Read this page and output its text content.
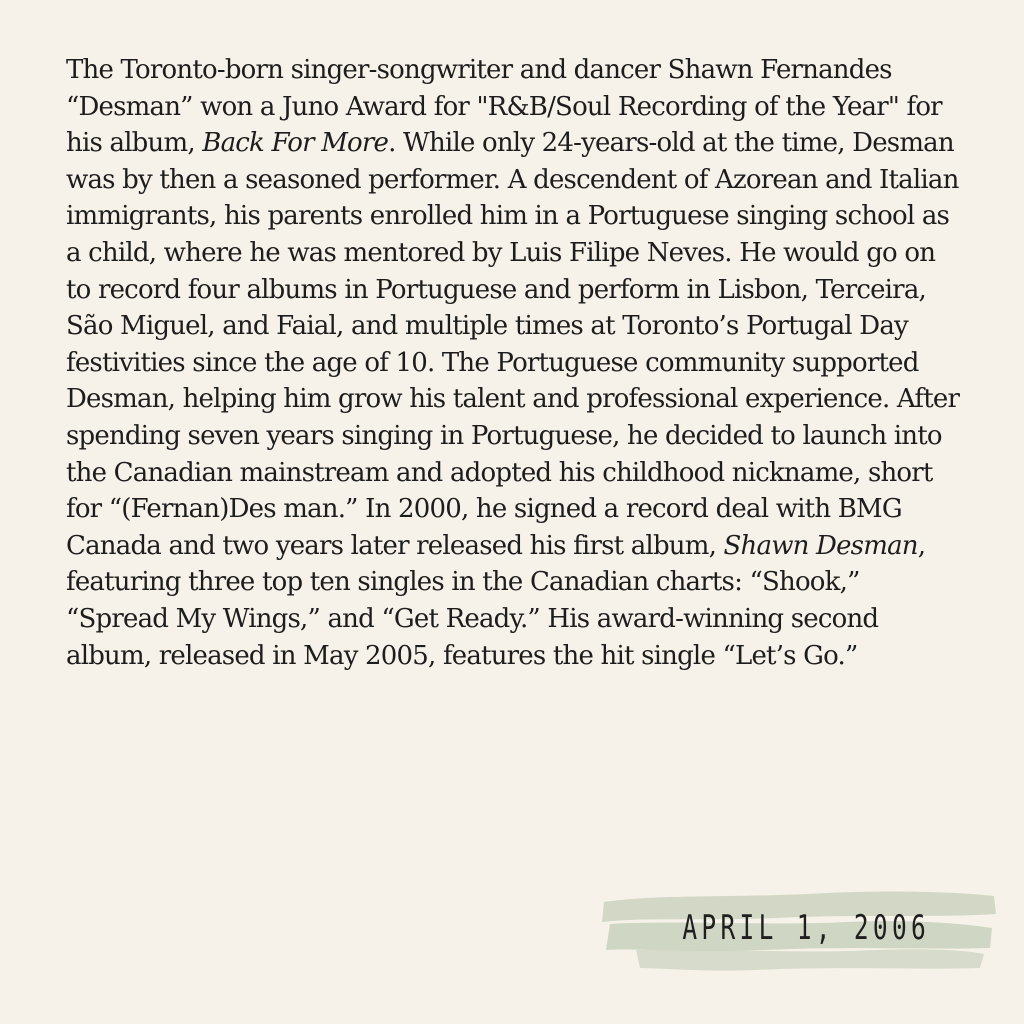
The Toronto-born singer-songwriter and dancer Shawn Fernandes “Desman” won a Juno Award for "R&B/Soul Recording of the Year" for his album, Back For More. While only 24-years-old at the time, Desman was by then a seasoned performer. A descendent of Azorean and Italian immigrants, his parents enrolled him in a Portuguese singing school as a child, where he was mentored by Luis Filipe Neves. He would go on to record four albums in Portuguese and perform in Lisbon, Terceira, São Miguel, and Faial, and multiple times at Toronto’s Portugal Day festivities since the age of 10. The Portuguese community supported Desman, helping him grow his talent and professional experience. After spending seven years singing in Portuguese, he decided to launch into the Canadian mainstream and adopted his childhood nickname, short for “(Fernan)Des man.” In 2000, he signed a record deal with BMG Canada and two years later released his first album, Shawn Desman, featuring three top ten singles in the Canadian charts: “Shook,” “Spread My Wings,” and “Get Ready.” His award-winning second album, released in May 2005, features the hit single “Let’s Go.”

APRIL 1, 2006
